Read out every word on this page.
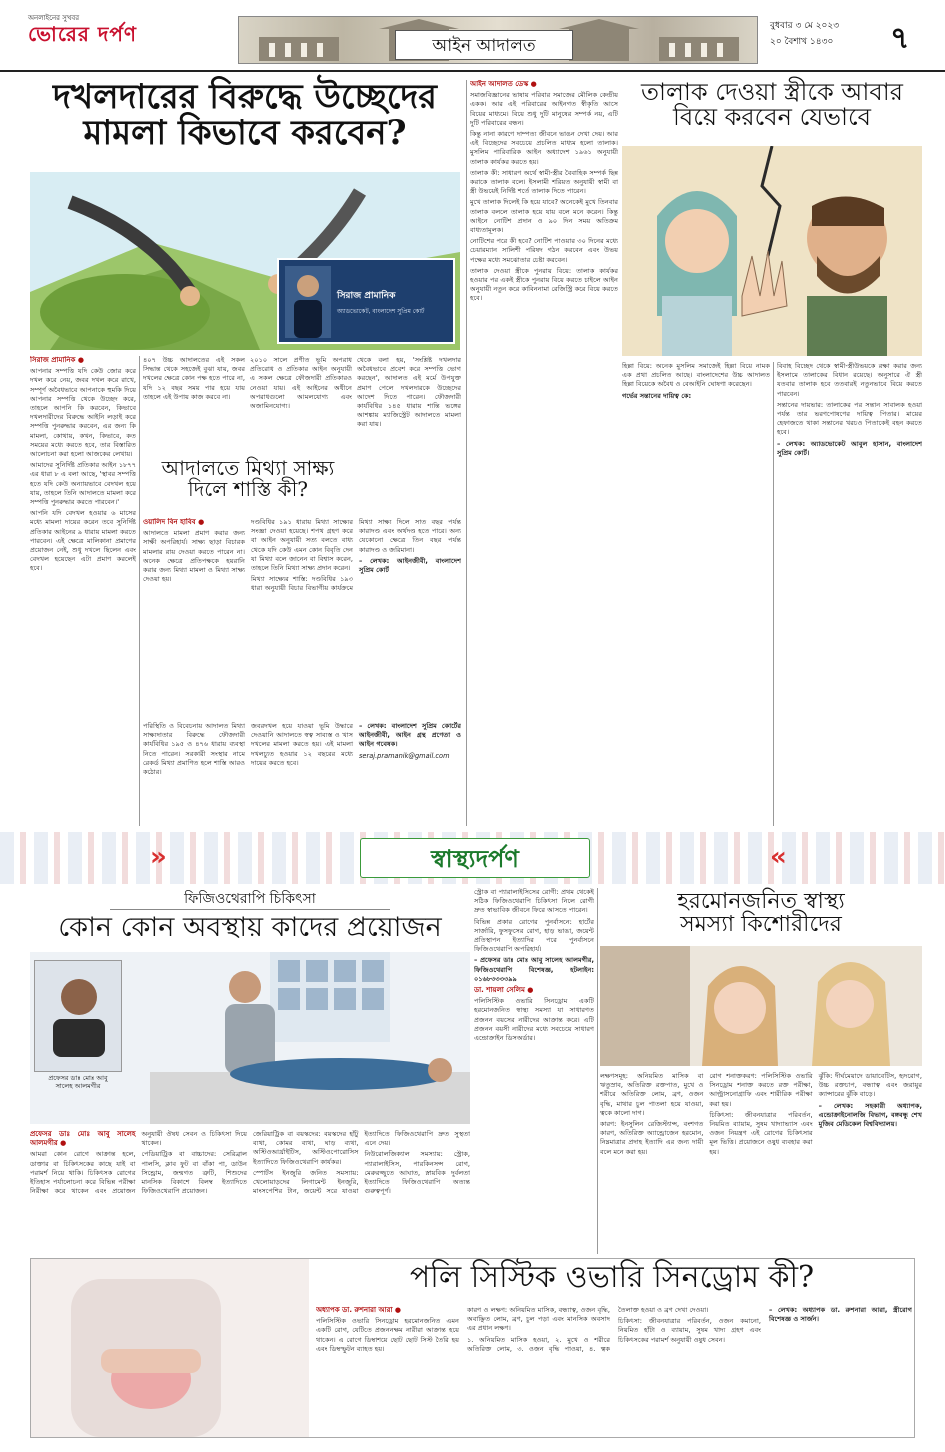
অনলাইনের সুখবর
ভোরের দর্পণ	আইন আদালত
বুধবার ৩ মে ২০২৩
২০ বৈশাখ ১৪৩০ ৭
দখলদারের বিরুদ্ধে উচ্ছেদের
মামলা কিভাবে করবেন?
সিরাজ প্রামানিক
অ্যাডভোকেট, বাংলাদেশ সুপ্রিম কোর্ট

সিরাজ প্রামানিক ●

আপনার সম্পত্তি যদি কেউ জোর করে দখল করে নেয়, জবর দখল করে রাখে, সম্পূর্ণ অবৈধভাবে আপনাকে হুমকি দিয়ে আপনার সম্পত্তি থেকে উচ্ছেদ করে, তাহলে আপনি কি করবেন, কিভাবে দখলদারীদের বিরুদ্ধে আইনি লড়াই করে সম্পত্তি পুনরুদ্ধার করবেন, এর জন্য কি মামলা, কোথায়, কখন, কিভাবে, কত সময়ের মধ্যে করতে হবে, তার বিস্তারিত আলোচনা করা হলো আজকের লেখায়।

আমাদের সুনির্দিষ্ট প্রতিকার আইন ১৮৭৭ এর ধারা ৮ এ বলা আছে, 'স্থাবর সম্পত্তি হতে যদি কেউ অন্যায়ভাবে বেদখল হয়ে যায়, তাহলে তিনি আদালতে মামলা করে সম্পত্তি পুনরুদ্ধার করতে পারবেন।'

আপনি যদি বেদখল হওয়ার ৬ মাসের মধ্যে মামলা দায়ের করেন তবে সুনির্দিষ্ট প্রতিকার আইনের ৯ ধারায় মামলা করতে পারবেন। এই ক্ষেত্রে মালিকানা প্রমাণের প্রয়োজন নেই, শুধু দখলে ছিলেন এবং বেদখল হয়েছেন এটা প্রমাণ করলেই হবে।

৪০৭ উচ্চ আদালতের এই সকল সিদ্ধান্ত থেকে সহজেই বুঝা যায়, জবর দখলের ক্ষেত্রে কোন পক্ষ হতে পারে না, যদি ১২ বছর সময় পার হয়ে যায় তাহলে এই উপায় কাজ করবে না।

২০১০ সালে প্রণীত ভূমি অপরাধ প্রতিরোধ ও প্রতিকার আইন অনুযায়ী এ সকল ক্ষেত্রে ফৌজদারী প্রতিকারও নেওয়া যায়। এই আইনের অধীনে অপরাধগুলো আমলযোগ্য এবং অজামিনযোগ্য।

থেকে বলা হয়, 'সংশ্লিষ্ট দখলদার অবৈধভাবে প্রবেশ করে সম্পত্তি ভোগ করছেন', আদালত এই মর্মে উপযুক্ত প্রমাণ পেলে দখলদারকে উচ্ছেদের আদেশ দিতে পারেন। ফৌজদারী কার্যবিধির ১৪৫ ধারায় শান্তি ভঙ্গের আশঙ্কায় ম্যাজিস্ট্রেট আদালতে মামলা করা যায়।

আদালতে মিথ্যা সাক্ষ্য
দিলে শাস্তি কী?

ওয়ালিদ বিন হাবিব ●

আদালতে মামলা প্রমাণ করার জন্য সাক্ষী অপরিহার্য। সাক্ষ্য ছাড়া বিচারক মামলার রায় দেওয়া করতে পারেন না। অনেক ক্ষেত্রে প্রতিপক্ষকে হয়রানি করার জন্য মিথ্যা মামলা ও মিথ্যা সাক্ষ্য দেওয়া হয়।

দণ্ডবিধির ১৯১ ধারায় মিথ্যা সাক্ষ্যের সংজ্ঞা দেওয়া হয়েছে। শপথ গ্রহণ করে বা আইন অনুযায়ী সত্য বলতে বাধ্য থেকে যদি কেউ এমন কোন বিবৃতি দেন যা মিথ্যা বলে জানেন বা বিশ্বাস করেন, তাহলে তিনি মিথ্যা সাক্ষ্য প্রদান করেন।

মিথ্যা সাক্ষ্যের শাস্তি: দণ্ডবিধির ১৯৩ ধারা অনুযায়ী বিচার বিভাগীয় কার্যক্রমে মিথ্যা সাক্ষ্য দিলে সাত বছর পর্যন্ত কারাদণ্ড এবং অর্থদণ্ড হতে পারে। অন্য যেকোনো ক্ষেত্রে তিন বছর পর্যন্ত কারাদণ্ড ও জরিমানা।

– লেখক: আইনজীবী, বাংলাদেশ সুপ্রিম কোর্ট

পরিস্থিতি ও বিবেচনায় আদালত মিথ্যা সাক্ষ্যদাতার বিরুদ্ধে ফৌজদারী কার্যবিধির ১৯৫ ও ৪৭৬ ধারায় ব্যবস্থা নিতে পারেন। সরকারী সংস্থার নামে রেকর্ড মিথ্যা প্রমাণিত হলে শাস্তি আরও কঠোর।

জবরদখল হয়ে যাওয়া ভূমি উদ্ধারে দেওয়ানি আদালতে স্বত্ব সাব্যস্ত ও খাস দখলের মামলা করতে হয়। এই মামলা দখলচ্যুত হওয়ার ১২ বছরের মধ্যে দায়ের করতে হবে।

– লেখক: বাংলাদেশ সুপ্রিম কোর্টের আইনজীবী, আইন গ্রন্থ প্রণেতা ও আইন গবেষক।

seraj.pramanik@gmail.com

আইন আদালত ডেস্ক ●

সমাজবিজ্ঞানের ভাষায় পরিবার সমাজের মৌলিক কেন্দ্রীয় একক। আর এই পরিবারের আইনগত স্বীকৃতি আসে বিয়ের মাধ্যমে। বিয়ে শুধু দুটি মানুষের সম্পর্ক নয়, এটি দুটি পরিবারের বন্ধন।

কিন্তু নানা কারণে দাম্পত্য জীবনে ভাঙন দেখা দেয়। আর এই বিচ্ছেদের সবচেয়ে প্রচলিত মাধ্যম হলো তালাক। মুসলিম পারিবারিক আইন অধ্যাদেশ ১৯৬১ অনুযায়ী তালাক কার্যকর করতে হয়।

তালাক কী: সাধারণ অর্থে স্বামী-স্ত্রীর বৈবাহিক সম্পর্ক ছিন্ন করাকে তালাক বলে। ইসলামী শরিয়ত অনুযায়ী স্বামী বা স্ত্রী উভয়েই নির্দিষ্ট শর্তে তালাক দিতে পারেন।

মুখে তালাক দিলেই কি হয়ে যাবে? অনেকেই মুখে তিনবার তালাক বললে তালাক হয়ে যায় বলে মনে করেন। কিন্তু আইনে নোটিশ প্রদান ও ৯০ দিন সময় অতিক্রম বাধ্যতামূলক।

নোটিশের পরে কী হবে? নোটিশ পাওয়ার ৩০ দিনের মধ্যে চেয়ারম্যান সালিশী পরিষদ গঠন করবেন এবং উভয় পক্ষের মধ্যে সমঝোতার চেষ্টা করবেন।

তালাক দেওয়া স্ত্রীকে পুনরায় বিয়ে: তালাক কার্যকর হওয়ার পর একই স্ত্রীকে পুনরায় বিয়ে করতে চাইলে আইন অনুযায়ী নতুন করে কাবিননামা রেজিস্ট্রি করে বিয়ে করতে হবে।

তালাক দেওয়া স্ত্রীকে আবার
বিয়ে করবেন যেভাবে

হিল্লা বিয়ে: অনেক মুসলিম সমাজেই হিল্লা বিয়ে নামক এক প্রথা প্রচলিত আছে। বাংলাদেশের উচ্চ আদালত হিল্লা বিয়েকে অবৈধ ও বেআইনি ঘোষণা করেছেন।

গর্ভের সন্তানের দায়িত্ব কে:

বিবাহ বিচ্ছেদ থেকে স্বামী-স্ত্রীউভয়কে রক্ষা করার জন্য ইসলামে তালাকের বিধান রয়েছে। অনুসারে ঐ স্ত্রী যতবার তালাক হবে ততবারই নতুনভাবে বিয়ে করতে পারবেন।

সন্তানের দায়ভার: তালাকের পর সন্তান সাবালক হওয়া পর্যন্ত তার ভরণপোষণের দায়িত্ব পিতার। মায়ের হেফাজতে থাকা সন্তানের খরচও পিতাকেই বহন করতে হবে।

– লেখক: অ্যাডভোকেট আবুল হাসান, বাংলাদেশ সুপ্রিম কোর্ট।

»	«
স্বাস্থ্যদর্পণ
ফিজিওথেরাপি চিকিৎসা
কোন কোন অবস্থায় কাদের প্রয়োজন
প্রফেসর ডাঃ মোঃ আবু
সালেহ আলমগীর

প্রফেসর ডাঃ মোঃ আবু সালেহ আলমগীর ●

আমরা কোন রোগে আক্রান্ত হলে, ডাক্তার বা চিকিৎসকের কাছে যাই বা পরামর্শ নিয়ে থাকি। চিকিৎসক রোগের ইতিহাস পর্যালোচনা করে বিভিন্ন পরীক্ষা নিরীক্ষা করে থাকেন এবং প্রয়োজন অনুযায়ী ঔষধ সেবন ও চিকিৎসা দিয়ে থাকেন।

পেডিয়াট্রিক বা বাচ্চাদের: সেরিব্রাল পালসি, ক্লাব ফুট বা বাঁকা পা, ডাউন সিন্ড্রোম, জন্মগত ত্রুটি, শিশুদের মানসিক বিকাশে বিলম্ব ইত্যাদিতে ফিজিওথেরাপি প্রয়োজন।

জেরিয়াট্রিক বা বয়স্কদের: বয়স্কদের হাঁটু ব্যথা, কোমর ব্যথা, ঘাড় ব্যথা, অস্টিওআর্থ্রাইটিস, অস্টিওপোরোসিস ইত্যাদিতে ফিজিওথেরাপি কার্যকর।

স্পোর্টস ইনজুরি জনিত সমস্যায়: খেলোয়াড়দের লিগামেন্ট ইনজুরি, মাংসপেশির টান, জয়েন্ট সরে যাওয়া ইত্যাদিতে ফিজিওথেরাপি দ্রুত সুস্থতা এনে দেয়।

নিউরোলজিক্যাল সমস্যায়: স্ট্রোক, প্যারালাইসিস, পারকিনসন্স রোগ, মেরুরজ্জুতে আঘাত, স্নায়বিক দুর্বলতা ইত্যাদিতে ফিজিওথেরাপি অত্যন্ত গুরুত্বপূর্ণ।

স্ট্রোক বা প্যারালাইসিসের রোগী: প্রথম থেকেই সঠিক ফিজিওথেরাপি চিকিৎসা নিলে রোগী দ্রুত স্বাভাবিক জীবনে ফিরে আসতে পারেন।

বিভিন্ন প্রকার রোগের পুনর্বাসনে: হার্টের সার্জারি, ফুসফুসের রোগ, হাড় ভাঙা, জয়েন্ট প্রতিস্থাপন ইত্যাদির পরে পুনর্বাসনে ফিজিওথেরাপি অপরিহার্য।

– প্রফেসর ডাঃ মোঃ আবু সালেহ আলমগীর, ফিজিওথেরাপি বিশেষজ্ঞ, হটলাইন: ০১৬৮৩৩৩৩৯৯

ডা. শায়লা সেলিম ●

পলিসিস্টিক ওভারি সিনড্রোম একটি হরমোনজনিত স্বাস্থ্য সমস্যা যা সাধারণত প্রজনন বয়সের নারীদের আক্রান্ত করে। এটি প্রজনন বয়সী নারীদের মধ্যে সবচেয়ে সাধারণ এন্ডোক্রাইন ডিসঅর্ডার।

হরমোনজনিত স্বাস্থ্য
সমস্যা কিশোরীদের

লক্ষণসমূহ: অনিয়মিত মাসিক বা ঋতুস্রাব, অতিরিক্ত রক্তপাত, মুখে ও শরীরে অতিরিক্ত লোম, ব্রণ, ওজন বৃদ্ধি, মাথার চুল পাতলা হয়ে যাওয়া, ত্বকে কালো দাগ।

কারণ: ইনসুলিন রেজিস্ট্যান্স, বংশগত কারণ, অতিরিক্ত অ্যান্ড্রোজেন হরমোন, নিম্নমাত্রার প্রদাহ ইত্যাদি এর জন্য দায়ী বলে মনে করা হয়।

রোগ শনাক্তকরণ: পলিসিস্টিক ওভারি সিনড্রোম শনাক্ত করতে রক্ত পরীক্ষা, আল্ট্রাসনোগ্রাফি এবং শারীরিক পরীক্ষা করা হয়।

চিকিৎসা: জীবনযাত্রার পরিবর্তন, নিয়মিত ব্যায়াম, সুষম খাদ্যাভ্যাস এবং ওজন নিয়ন্ত্রণ এই রোগের চিকিৎসার মূল ভিত্তি। প্রয়োজনে ওষুধ ব্যবহার করা হয়।

ঝুঁকি: দীর্ঘমেয়াদে ডায়াবেটিস, হৃদরোগ, উচ্চ রক্তচাপ, বন্ধ্যাত্ব এবং জরায়ুর ক্যান্সারের ঝুঁকি বাড়ে।

– লেখক: সহকারী অধ্যাপক, এন্ডোক্রাইনোলজি বিভাগ, বঙ্গবন্ধু শেখ মুজিব মেডিকেল বিশ্ববিদ্যালয়।

পলি সিস্টিক ওভারি সিনড্রোম কী?

অধ্যাপক ডা. রুশনারা আরা ●

পলিসিস্টিক ওভারি সিনড্রোম হরমোনজনিত এমন একটি রোগ, যেটিতে প্রজননক্ষম নারীরা আক্রান্ত হয়ে থাকেন। এ রোগে ডিম্বাশয়ে ছোট ছোট সিস্ট তৈরি হয় এবং ডিম্বস্ফুটন ব্যাহত হয়।

কারণ ও লক্ষণ: অনিয়মিত মাসিক, বন্ধ্যাত্ব, ওজন বৃদ্ধি, অবাঞ্ছিত লোম, ব্রণ, চুল পড়া এবং মানসিক অবসাদ এর প্রধান লক্ষণ।

১. অনিয়মিত মাসিক হওয়া, ২. মুখে ও শরীরে অতিরিক্ত লোম, ৩. ওজন বৃদ্ধি পাওয়া, ৪. ত্বক তৈলাক্ত হওয়া ও ব্রণ দেখা দেওয়া।

চিকিৎসা: জীবনযাত্রার পরিবর্তন, ওজন কমানো, নিয়মিত হাঁটা ও ব্যায়াম, সুষম খাদ্য গ্রহণ এবং চিকিৎসকের পরামর্শ অনুযায়ী ওষুধ সেবন।

– লেখক: অধ্যাপক ডা. রুশনারা আরা, স্ত্রীরোগ বিশেষজ্ঞ ও সার্জন।
